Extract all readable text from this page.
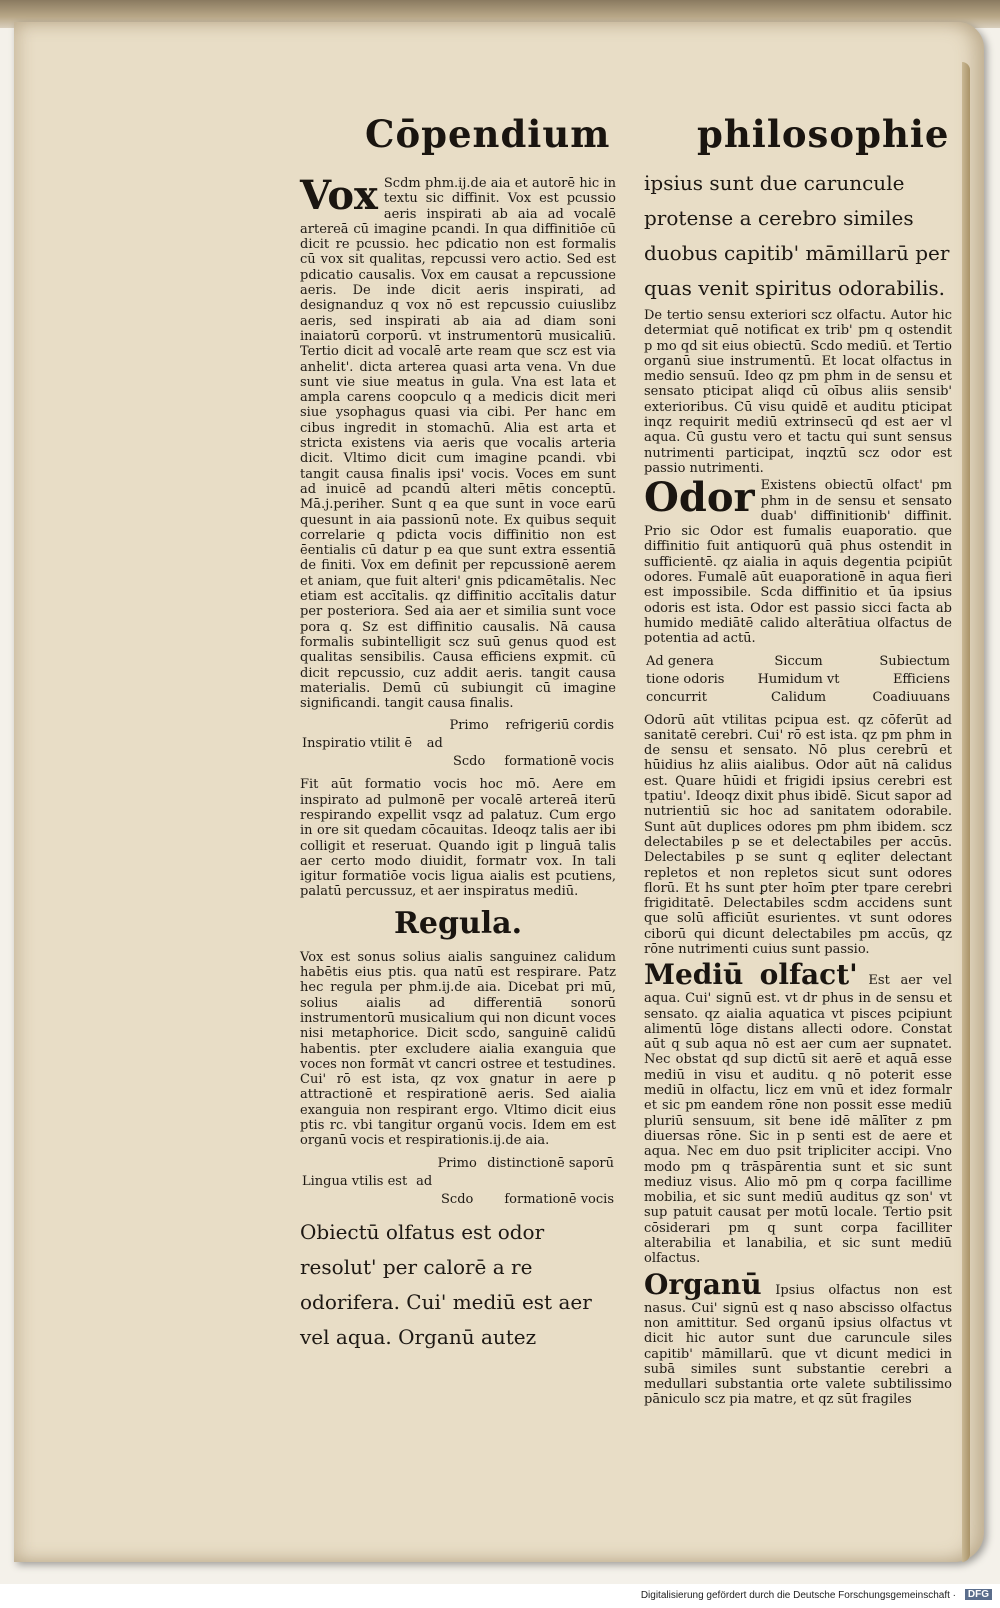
Cōpendium philosophie

Vox Scdm phm.ij.de aia et autorē hic in textu sic diffinit. Vox est pcussio aeris inspirati ab aia ad vocalē artereā cū imagine pcandi. In qua diffinitiōe cū dicit re pcussio. hec pdicatio non est formalis cū vox sit qualitas, repcussi vero actio. Sed est pdicatio causalis. Vox em causat a repcussione aeris. De inde dicit aeris inspirati, ad designanduz q vox nō est repcussio cuiuslibz aeris, sed inspirati ab aia ad diam soni inaiatorū corporū. vt instrumentorū musicaliū. Tertio dicit ad vocalē arte ream que scz est via anhelit'. dicta arterea quasi arta vena. Vn due sunt vie siue meatus in gula. Vna est lata et ampla carens coopculo q a medicis dicit meri siue ysophagus quasi via cibi. Per hanc em cibus ingredit in stomachū. Alia est arta et stricta existens via aeris que vocalis arteria dicit. Vltimo dicit cum imagine pcandi. vbi tangit causa finalis ipsi' vocis. Voces em sunt ad inuicē ad pcandū alteri mētis conceptū. Mā.j.periher. Sunt q ea que sunt in voce earū quesunt in aia passionū note. Ex quibus sequit correlarie q pdicta vocis diffinitio non est ēentialis cū datur p ea que sunt extra essentiā de finiti. Vox em definit per repcussionē aerem et aniam, que fuit alteri' gnis pdicamētalis. Nec etiam est accītalis. qz diffinitio accītalis datur per posteriora. Sed aia aer et similia sunt voce pora q. Sz est diffinitio causalis. Nā causa formalis subintelligit scz suū genus quod est qualitas sensibilis. Causa efficiens expmit. cū dicit repcussio, cuz addit aeris. tangit causa materialis. Demū cū subiungit cū imagine significandi. tangit causa finalis.

		Primo	refrigeriū cordis
Inspiratio vtilit ē	ad		
		Scdo	formationē vocis

Fit aūt formatio vocis hoc mō. Aere em inspirato ad pulmonē per vocalē artereā iterū respirando expellit vsqz ad palatuz. Cum ergo in ore sit quedam cōcauitas. Ideoqz talis aer ibi colligit et reseruat. Quando igit p linguā talis aer certo modo diuidit, formatr vox. In tali igitur formatiōe vocis ligua aialis est pcutiens, palatū percussuz, et aer inspiratus mediū.

Regula.

Vox est sonus solius aialis sanguinez calidum habētis eius ptis. qua natū est respirare. Patz hec regula per phm.ij.de aia. Dicebat pri mū, solius aialis ad differentiā sonorū instrumentorū musicalium qui non dicunt voces nisi metaphorice. Dicit scdo, sanguinē calidū habentis. pter excludere aialia exanguia que voces non formāt vt cancri ostree et testudines. Cui' rō est ista, qz vox gnatur in aere p attractionē et respirationē aeris. Sed aialia exanguia non respirant ergo. Vltimo dicit eius ptis rc. vbi tangitur organū vocis. Idem em est organū vocis et respirationis.ij.de aia.

		Primo	distinctionē saporū
Lingua vtilis est	ad		
		Scdo	formationē vocis

Obiectū olfatus est odor resolut' per calorē a re odorifera. Cui' mediū est aer vel aqua. Organū autez

ipsius sunt due caruncule protense a cerebro similes duobus capitib' māmillarū per quas venit spiritus odorabilis.

De tertio sensu exteriori scz olfactu. Autor hic determiat quē notificat ex trib' pm q ostendit p mo qd sit eius obiectū. Scdo mediū. et Tertio organū siue instrumentū. Et locat olfactus in medio sensuū. Ideo qz pm phm in de sensu et sensato pticipat aliqd cū oībus aliis sensib' exterioribus. Cū visu quidē et auditu pticipat inqz requirit mediū extrinsecū qd est aer vl aqua. Cū gustu vero et tactu qui sunt sensus nutrimenti participat, inqztū scz odor est passio nutrimenti.

Odor Existens obiectū olfact' pm phm in de sensu et sensato duab' diffinitionib' diffinit. Prio sic Odor est fumalis euaporatio. que diffinitio fuit antiquorū quā phus ostendit in sufficientē. qz aialia in aquis degentia pcipiūt odores. Fumalē aūt euaporationē in aqua fieri est impossibile. Scda diffinitio et ūa ipsius odoris est ista. Odor est passio sicci facta ab humido mediātē calido alterātiua olfactus de potentia ad actū.

Ad genera	Siccum	Subiectum
tione odoris	Humidum vt	Efficiens
concurrit	Calidum	Coadiuuans

Odorū aūt vtilitas pcipua est. qz cōferūt ad sanitatē cerebri. Cui' rō est ista. qz pm phm in de sensu et sensato. Nō plus cerebrū et hūidius hz aliis aialibus. Odor aūt nā calidus est. Quare hūidi et frigidi ipsius cerebri est tpatiu'. Ideoqz dixit phus ibidē. Sicut sapor ad nutrientiū sic hoc ad sanitatem odorabile. Sunt aūt duplices odores pm phm ibidem. scz delectabiles p se et delectabiles per accūs. Delectabiles p se sunt q eqliter delectant repletos et non repletos sicut sunt odores florū. Et hs sunt ꝑter hoīm ꝑter tpare cerebri frigiditatē. Delectabiles scdm accidens sunt que solū afficiūt esurientes. vt sunt odores ciborū qui dicunt delectabiles pm accūs, qz rōne nutrimenti cuius sunt passio.

Mediū olfact' Est aer vel aqua. Cui' signū est. vt dr phus in de sensu et sensato. qz aialia aquatica vt pisces pcipiunt alimentū lōge distans allecti odore. Constat aūt q sub aqua nō est aer cum aer supnatet. Nec obstat qd sup dictū sit aerē et aquā esse mediū in visu et auditu. q nō poterit esse mediū in olfactu, licz em vnū et idez formalr et sic pm eandem rōne non possit esse mediū pluriū sensuum, sit bene idē mālīter z pm diuersas rōne. Sic in p senti est de aere et aqua. Nec em duo psit tripliciter accipi. Vno modo pm q trāspārentia sunt et sic sunt mediuz visus. Alio mō pm q corpa facillime mobilia, et sic sunt mediū auditus qz son' vt sup patuit causat per motū locale. Tertio psit cōsiderari pm q sunt corpa facilliter alterabilia et lanabilia, et sic sunt mediū olfactus.

Organū Ipsius olfactus non est nasus. Cui' signū est q naso abscisso olfactus non amittitur. Sed organū ipsius olfactus vt dicit hic autor sunt due caruncule siles capitib' māmillarū. que vt dicunt medici in subā similes sunt substantie cerebri a medullari substantia orte valete subtilissimo pāniculo scz pia matre, et qz sūt fragiles

Digitalisierung gefördert durch die Deutsche Forschungsgemeinschaft ·	DFG
